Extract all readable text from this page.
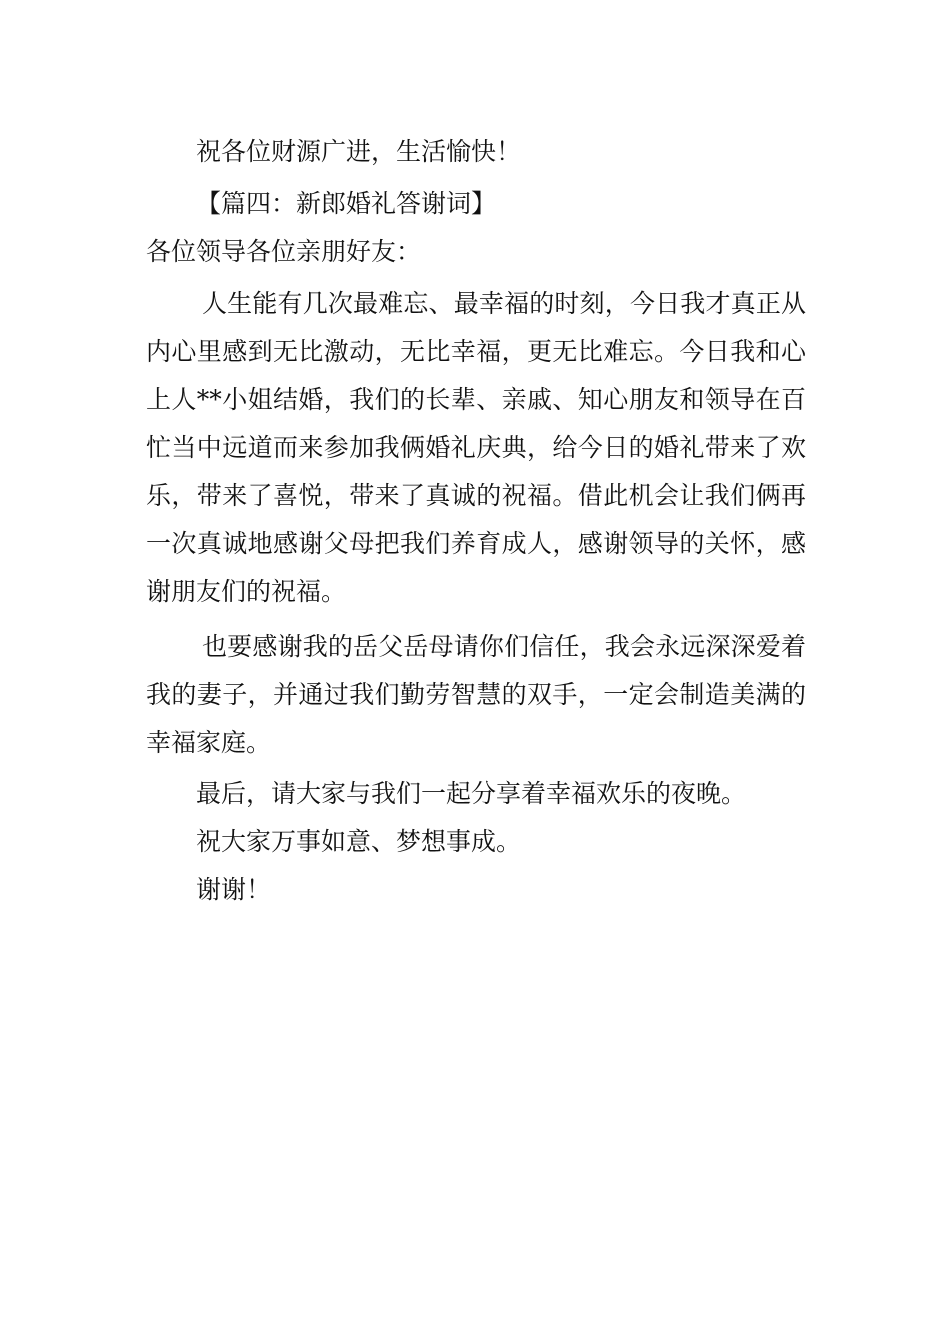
祝各位财源广进，生活愉快！

【篇四：新郎婚礼答谢词】

各位领导各位亲朋好友：

人生能有几次最难忘、最幸福的时刻，今日我才真正从内心里感到无比激动，无比幸福，更无比难忘。今日我和心上人**小姐结婚，我们的长辈、亲戚、知心朋友和领导在百忙当中远道而来参加我俩婚礼庆典，给今日的婚礼带来了欢乐，带来了喜悦，带来了真诚的祝福。借此机会让我们俩再一次真诚地感谢父母把我们养育成人，感谢领导的关怀，感谢朋友们的祝福。

也要感谢我的岳父岳母请你们信任，我会永远深深爱着我的妻子，并通过我们勤劳智慧的双手，一定会制造美满的幸福家庭。

最后，请大家与我们一起分享着幸福欢乐的夜晚。

祝大家万事如意、梦想事成。

谢谢！
